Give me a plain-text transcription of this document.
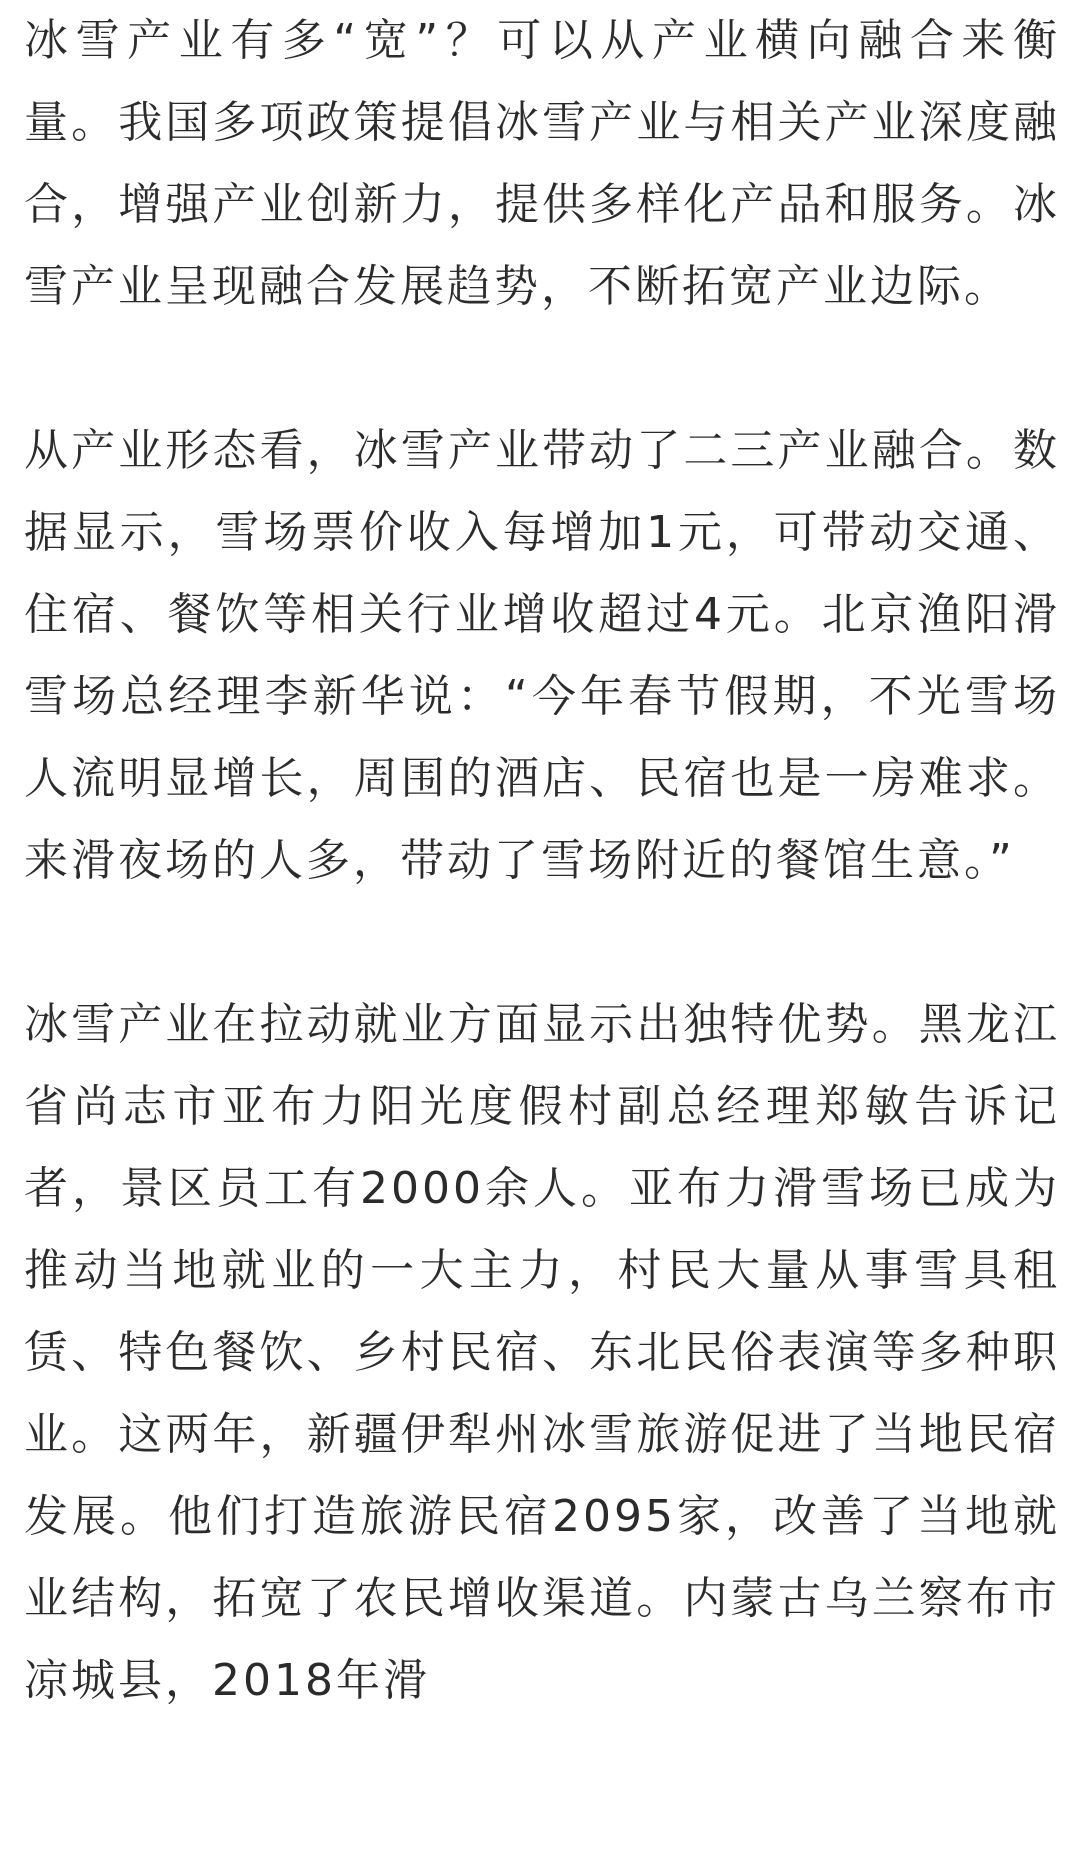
冰雪产业有多“宽”？可以从产业横向融合来衡量。我国多项政策提倡冰雪产业与相关产业深度融合，增强产业创新力，提供多样化产品和服务。冰雪产业呈现融合发展趋势，不断拓宽产业边际。

从产业形态看，冰雪产业带动了二三产业融合。数据显示，雪场票价收入每增加1元，可带动交通、住宿、餐饮等相关行业增收超过4元。北京渔阳滑雪场总经理李新华说：“今年春节假期，不光雪场人流明显增长，周围的酒店、民宿也是一房难求。来滑夜场的人多，带动了雪场附近的餐馆生意。”

冰雪产业在拉动就业方面显示出独特优势。黑龙江省尚志市亚布力阳光度假村副总经理郑敏告诉记者，景区员工有2000余人。亚布力滑雪场已成为推动当地就业的一大主力，村民大量从事雪具租赁、特色餐饮、乡村民宿、东北民俗表演等多种职业。这两年，新疆伊犁州冰雪旅游促进了当地民宿发展。他们打造旅游民宿2095家，改善了当地就业结构，拓宽了农民增收渠道。内蒙古乌兰察布市凉城县，2018年滑
